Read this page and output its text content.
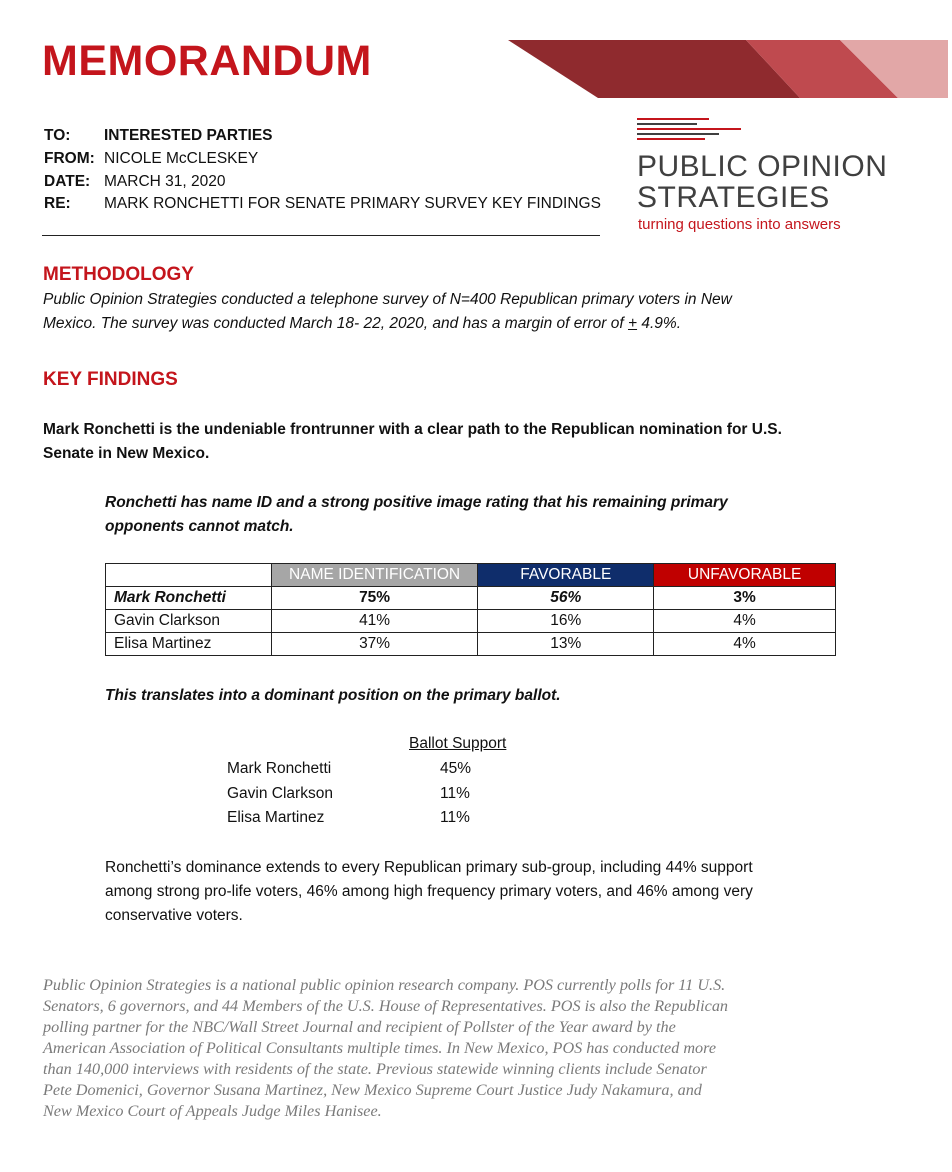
MEMORANDUM
TO: INTERESTED PARTIES
FROM: NICOLE McCLESKEY
DATE: MARCH 31, 2020
RE: MARK RONCHETTI FOR SENATE PRIMARY SURVEY KEY FINDINGS
PUBLIC OPINION
STRATEGIES
turning questions into answers
METHODOLOGY
Public Opinion Strategies conducted a telephone survey of N=400 Republican primary voters in New
Mexico. The survey was conducted March 18- 22, 2020, and has a margin of error of + 4.9%.
KEY FINDINGS
Mark Ronchetti is the undeniable frontrunner with a clear path to the Republican nomination for U.S.
Senate in New Mexico.
Ronchetti has name ID and a strong positive image rating that his remaining primary
opponents cannot match.
	NAME IDENTIFICATION	FAVORABLE	UNFAVORABLE
Mark Ronchetti	75%	56%	3%
Gavin Clarkson	41%	16%	4%
Elisa Martinez	37%	13%	4%
This translates into a dominant position on the primary ballot.
Ballot Support
Mark Ronchetti	45%
Gavin Clarkson	11%
Elisa Martinez	11%
Ronchetti’s dominance extends to every Republican primary sub-group, including 44% support
among strong pro-life voters, 46% among high frequency primary voters, and 46% among very
conservative voters.
Public Opinion Strategies is a national public opinion research company. POS currently polls for 11 U.S.
Senators, 6 governors, and 44 Members of the U.S. House of Representatives. POS is also the Republican
polling partner for the NBC/Wall Street Journal and recipient of Pollster of the Year award by the
American Association of Political Consultants multiple times. In New Mexico, POS has conducted more
than 140,000 interviews with residents of the state. Previous statewide winning clients include Senator
Pete Domenici, Governor Susana Martinez, New Mexico Supreme Court Justice Judy Nakamura, and
New Mexico Court of Appeals Judge Miles Hanisee.
